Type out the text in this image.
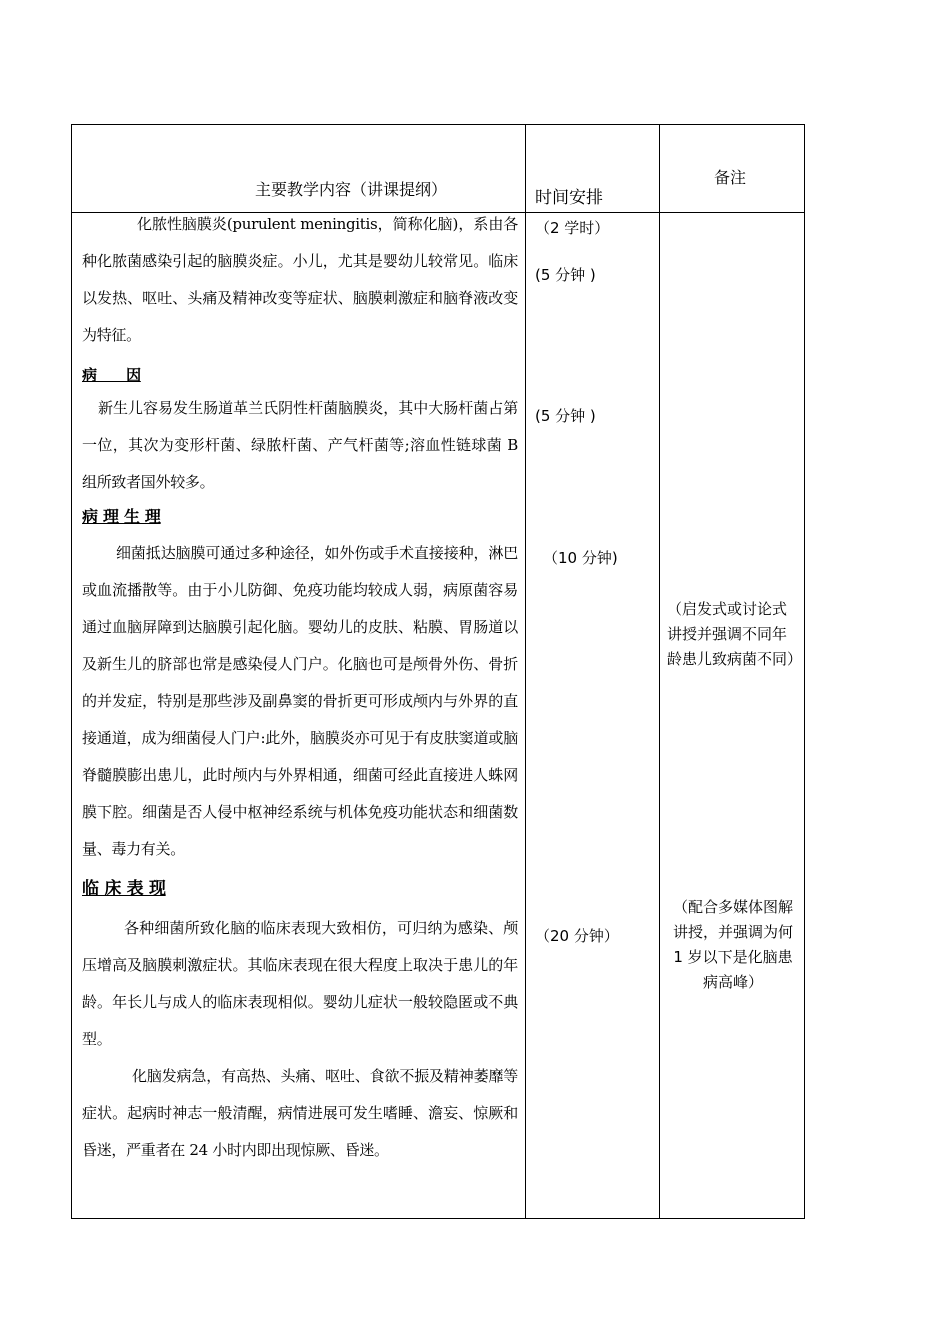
主要教学内容（讲课提纲）	时间安排
备注

化脓性脑膜炎(purulent meningitis，简称化脑)，系由各种化脓菌感染引起的脑膜炎症。小儿，尤其是婴幼儿较常见。临床以发热、呕吐、头痛及精神改变等症状、脑膜刺激症和脑脊液改变为特征。

病　　因

新生儿容易发生肠道革兰氏阴性杆菌脑膜炎，其中大肠杆菌占第一位，其次为变形杆菌、绿脓杆菌、产气杆菌等;溶血性链球菌 B 组所致者国外较多。

病 理 生 理

细菌抵达脑膜可通过多种途径，如外伤或手术直接接种，淋巴或血流播散等。由于小儿防御、免疫功能均较成人弱，病原菌容易通过血脑屏障到达脑膜引起化脑。婴幼儿的皮肤、粘膜、胃肠道以及新生儿的脐部也常是感染侵人门户。化脑也可是颅骨外伤、骨折的并发症，特别是那些涉及副鼻窦的骨折更可形成颅内与外界的直接通道，成为细菌侵人门户:此外，脑膜炎亦可见于有皮肤窦道或脑脊髓膜膨出患儿，此时颅内与外界相通，细菌可经此直接进人蛛网膜下腔。细菌是否人侵中枢神经系统与机体免疫功能状态和细菌数量、毒力有关。

临 床 表 现

各种细菌所致化脑的临床表现大致相仿，可归纳为感染、颅压增高及脑膜刺激症状。其临床表现在很大程度上取决于患儿的年龄。年长儿与成人的临床表现相似。婴幼儿症状一般较隐匿或不典型。

化脑发病急，有高热、头痛、呕吐、食欲不振及精神萎靡等症状。起病时神志一般清醒，病情进展可发生嗜睡、澹妄、惊厥和昏迷，严重者在 24 小时内即出现惊厥、昏迷。

（2 学时）
(5 分钟 )
(5 分钟 )
（10 分钟)
（20 分钟）
（启发式或讨论式讲授并强调不同年龄患儿致病菌不同）
（配合多媒体图解讲授，并强调为何 1 岁以下是化脑患病高峰）
